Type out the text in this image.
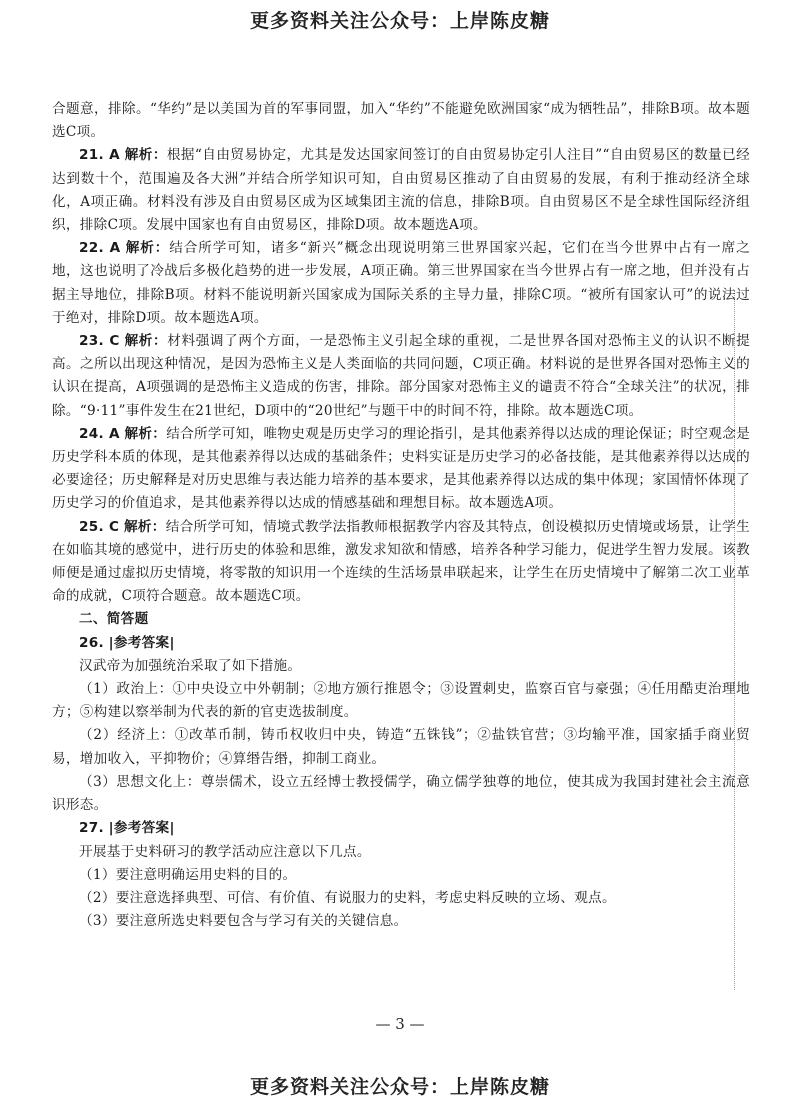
更多资料关注公众号：上岸陈皮糖

合题意，排除。“华约”是以美国为首的军事同盟，加入“华约”不能避免欧洲国家“成为牺牲品”，排除B项。故本题选C项。

21. A 解析：根据“自由贸易协定，尤其是发达国家间签订的自由贸易协定引人注目”“自由贸易区的数量已经达到数十个，范围遍及各大洲”并结合所学知识可知，自由贸易区推动了自由贸易的发展，有利于推动经济全球化，A项正确。材料没有涉及自由贸易区成为区域集团主流的信息，排除B项。自由贸易区不是全球性国际经济组织，排除C项。发展中国家也有自由贸易区，排除D项。故本题选A项。

22. A 解析：结合所学可知，诸多“新兴”概念出现说明第三世界国家兴起，它们在当今世界中占有一席之地，这也说明了冷战后多极化趋势的进一步发展，A项正确。第三世界国家在当今世界占有一席之地，但并没有占据主导地位，排除B项。材料不能说明新兴国家成为国际关系的主导力量，排除C项。“被所有国家认可”的说法过于绝对，排除D项。故本题选A项。

23. C 解析：材料强调了两个方面，一是恐怖主义引起全球的重视，二是世界各国对恐怖主义的认识不断提高。之所以出现这种情况，是因为恐怖主义是人类面临的共同问题，C项正确。材料说的是世界各国对恐怖主义的认识在提高，A项强调的是恐怖主义造成的伤害，排除。部分国家对恐怖主义的谴责不符合“全球关注”的状况，排除。“9·11”事件发生在21世纪，D项中的“20世纪”与题干中的时间不符，排除。故本题选C项。

24. A 解析：结合所学可知，唯物史观是历史学习的理论指引，是其他素养得以达成的理论保证；时空观念是历史学科本质的体现，是其他素养得以达成的基础条件；史料实证是历史学习的必备技能，是其他素养得以达成的必要途径；历史解释是对历史思维与表达能力培养的基本要求，是其他素养得以达成的集中体现；家国情怀体现了历史学习的价值追求，是其他素养得以达成的情感基础和理想目标。故本题选A项。

25. C 解析：结合所学可知，情境式教学法指教师根据教学内容及其特点，创设模拟历史情境或场景，让学生在如临其境的感觉中，进行历史的体验和思维，激发求知欲和情感，培养各种学习能力，促进学生智力发展。该教师便是通过虚拟历史情境，将零散的知识用一个连续的生活场景串联起来，让学生在历史情境中了解第二次工业革命的成就，C项符合题意。故本题选C项。

二、简答题

26. |参考答案|

汉武帝为加强统治采取了如下措施。

（1）政治上：①中央设立中外朝制；②地方颁行推恩令；③设置刺史，监察百官与豪强；④任用酷吏治理地方；⑤构建以察举制为代表的新的官吏选拔制度。

（2）经济上：①改革币制，铸币权收归中央，铸造“五铢钱”；②盐铁官营；③均输平准，国家插手商业贸易，增加收入，平抑物价；④算缗告缗，抑制工商业。

（3）思想文化上：尊崇儒术，设立五经博士教授儒学，确立儒学独尊的地位，使其成为我国封建社会主流意识形态。

27. |参考答案|

开展基于史料研习的教学活动应注意以下几点。

（1）要注意明确运用史料的目的。

（2）要注意选择典型、可信、有价值、有说服力的史料，考虑史料反映的立场、观点。

（3）要注意所选史料要包含与学习有关的关键信息。

— 3 —
更多资料关注公众号：上岸陈皮糖
